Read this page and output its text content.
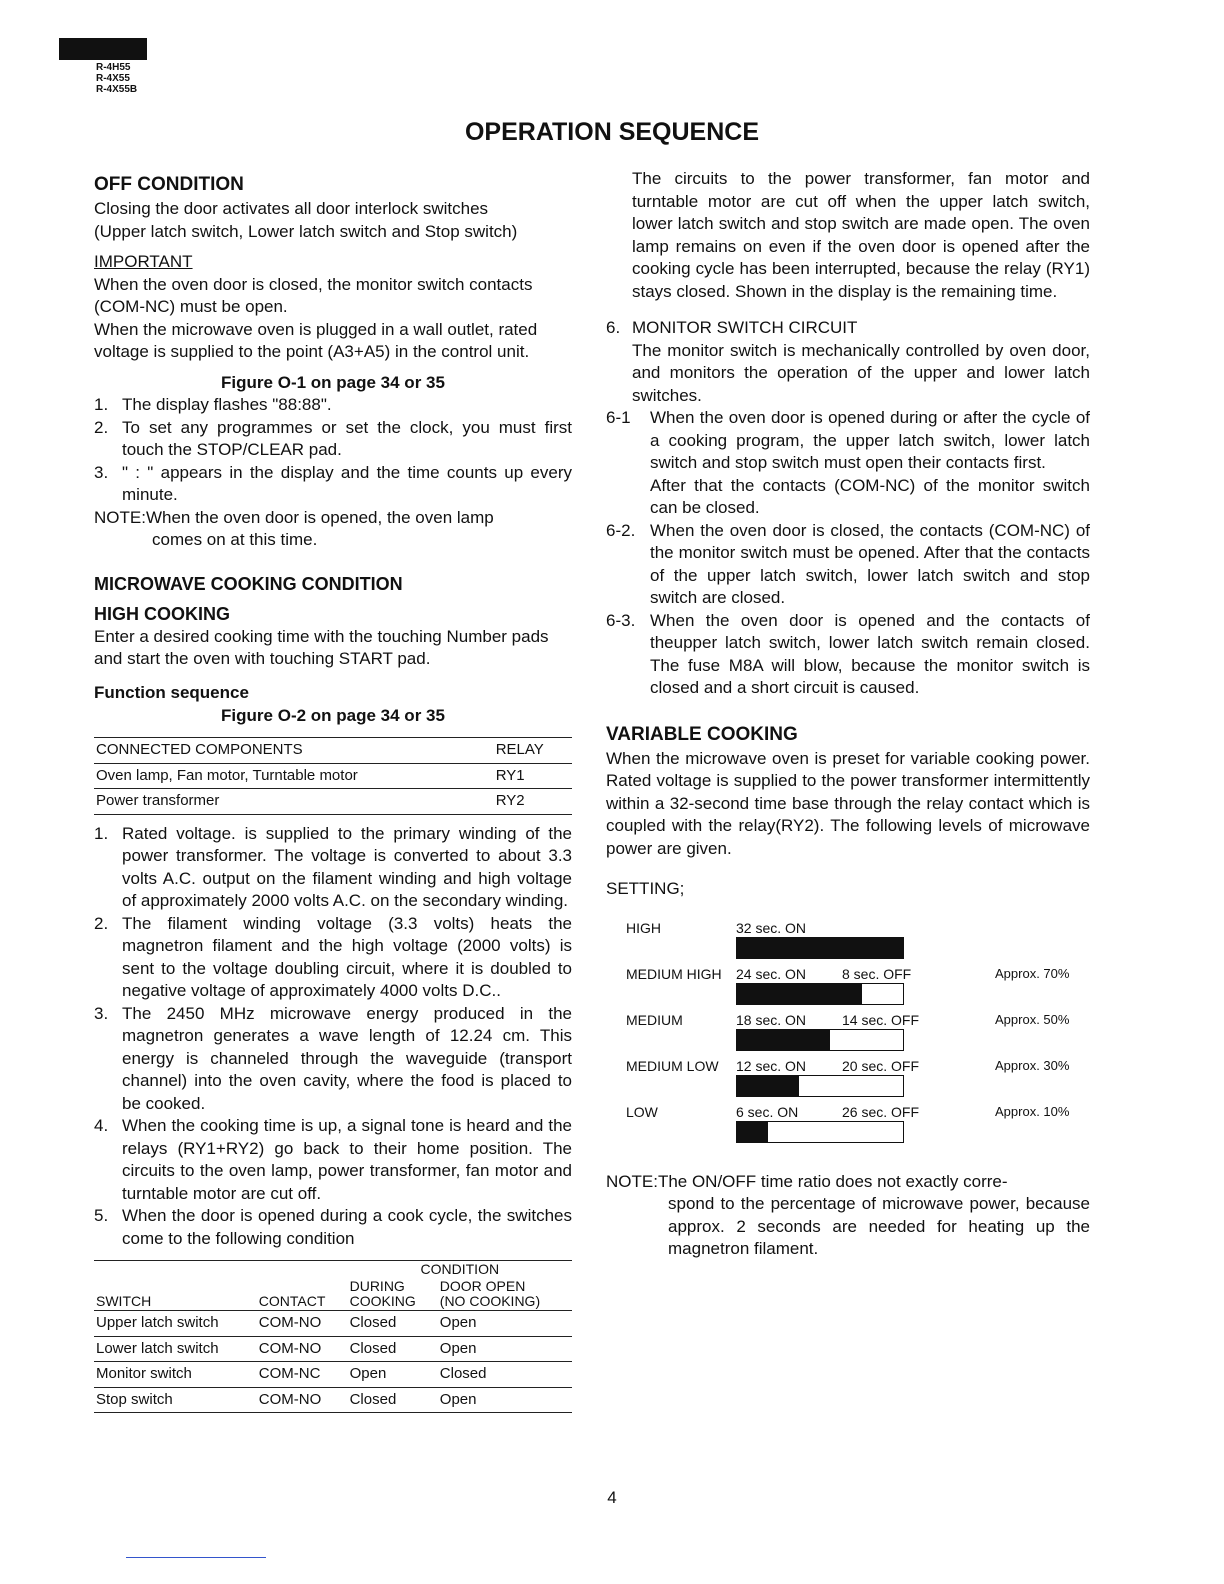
R-4H55
R-4X55
R-4X55B
OPERATION SEQUENCE
OFF CONDITION

Closing the door activates all door interlock switches

(Upper latch switch, Lower latch switch and Stop switch)

IMPORTANT

When the oven door is closed, the monitor switch contacts (COM-NC) must be open.

When the microwave oven is plugged in a wall outlet, rated voltage is supplied to the point (A3+A5) in the control unit.

Figure O-1 on page 34 or 35

1. The display flashes "88:88".
2. To set any programmes or set the clock, you must first touch the STOP/CLEAR pad.
3. " : " appears in the display and the time counts up every minute.

NOTE:When the oven door is opened, the oven lamp

comes on at this time.

MICROWAVE COOKING CONDITION
HIGH COOKING

Enter a desired cooking time with the touching Number pads and start the oven with touching START pad.

Function sequence

Figure O-2 on page 34 or 35

CONNECTED COMPONENTS	RELAY
Oven lamp, Fan motor, Turntable motor	RY1
Power transformer	RY2
1. Rated voltage. is supplied to the primary winding of the power transformer. The voltage is converted to about 3.3 volts A.C. output on the filament winding and high voltage of approximately 2000 volts A.C. on the secondary winding.
2. The filament winding voltage (3.3 volts) heats the magnetron filament and the high voltage (2000 volts) is sent to the voltage doubling circuit, where it is doubled to negative voltage of approximately 4000 volts D.C..
3. The 2450 MHz microwave energy produced in the magnetron generates a wave length of 12.24 cm. This energy is channeled through the waveguide (transport channel) into the oven cavity, where the food is placed to be cooked.
4. When the cooking time is up, a signal tone is heard and the relays (RY1+RY2) go back to their home position. The circuits to the oven lamp, power transformer, fan motor and turntable motor are cut off.
5. When the door is opened during a cook cycle, the switches come to the following condition
		CONDITION	
SWITCH	CONTACT	DURING
COOKING	DOOR OPEN
(NO COOKING)
Upper latch switch	COM-NO	Closed	Open
Lower latch switch	COM-NO	Closed	Open
Monitor switch	COM-NC	Open	Closed
Stop switch	COM-NO	Closed	Open

The circuits to the power transformer, fan motor and turntable motor are cut off when the upper latch switch, lower latch switch and stop switch are made open. The oven lamp remains on even if the oven door is opened after the cooking cycle has been interrupted, because the relay (RY1) stays closed. Shown in the display is the remaining time.

6. MONITOR SWITCH CIRCUIT

The monitor switch is mechanically controlled by oven door, and monitors the operation of the upper and lower latch switches.

6-1 When the oven door is opened during or after the cycle of a cooking program, the upper latch switch, lower latch switch and stop switch must open their contacts first.

After that the contacts (COM-NC) of the monitor switch can be closed.

6-2. When the oven door is closed, the contacts (COM-NC) of the monitor switch must be opened. After that the contacts of the upper latch switch, lower latch switch and stop switch are closed.

6-3. When the oven door is opened and the contacts of theupper latch switch, lower latch switch remain closed. The fuse M8A will blow, because the monitor switch is closed and a short circuit is caused.

VARIABLE COOKING

When the microwave oven is preset for variable cooking power. Rated voltage is supplied to the power transformer intermittently within a 32-second time base through the relay contact which is coupled with the relay(RY2). The following levels of microwave power are given.

SETTING;

HIGH	32 sec. ON
MEDIUM HIGH 24 sec. ON	8 sec. OFF	Approx. 70%
MEDIUM	18 sec. ON	14 sec. OFF	Approx. 50%
MEDIUM LOW 12 sec. ON	20 sec. OFF	Approx. 30%
LOW	6 sec. ON	26 sec. OFF	Approx. 10%

NOTE:The ON/OFF time ratio does not exactly corre-

spond to the percentage of microwave power, because approx. 2 seconds are needed for heating up the magnetron filament.

4
